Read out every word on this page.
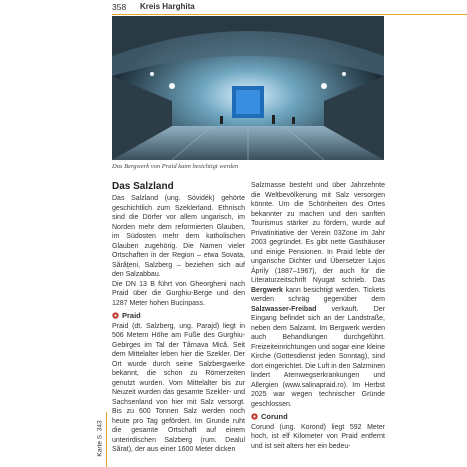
358 Kreis Harghita
Das Bergwerk von Praid kann besichtigt werden
Das Salzland

Das Salzland (ung. Sóvidék) gehörte geschichtlich zum Szeklerland. Ethnisch sind die Dörfer vor allem ungarisch, im Norden mehr dem reformierten Glauben, im Südosten mehr dem katholischen Glauben zugehörig. Die Namen vieler Ortschaften in der Region – etwa Sovata, Sărăţeni, Salzberg – beziehen sich auf den Salzabbau.

Die DN 13 B führt von Gheorgheni nach Praid über die Gurghiu-Berge und den 1287 Meter hohen Bucinpass.

Praid

Praid (dt. Salzberg, ung. Parajd) liegt in 506 Metern Höhe am Fuße des Gurghiu-Gebirges im Tal der Târnava Mică. Seit dem Mittelalter leben hier die Szekler. Der Ort wurde durch seine Salzbergwerke bekannt, die schon zu Römerzeiten genutzt wurden. Vom Mittelalter bis zur Neuzeit wurden das gesamte Szekler- und Sachsenland von hier mit Salz versorgt. Bis zu 600 Tonnen Salz werden noch heute pro Tag gefördert. Im Grunde ruht die gesamte Ortschaft auf einem unterirdischen Salzberg (rum. Dealul Sărat), der aus einer 1600 Meter dicken

Salzmasse besteht und über Jahrzehnte die Weltbevölkerung mit Salz versorgen könnte. Um die Schönheiten des Ortes bekannter zu machen und den sanften Tourismus stärker zu fördern, wurde auf Privatinitiative der Verein 03Zone im Jahr 2003 gegründet. Es gibt nette Gasthäuser und einige Pensionen. In Praid lebte der ungarische Dichter und Übersetzer Lajos Áprily (1887–1967), der auch für die Literaturzeitschrift Nyugat schrieb. Das Bergwerk kann besichtigt werden. Tickets werden schräg gegenüber dem Salzwasser-Freibad verkauft. Der Eingang befindet sich an der Landstraße, neben dem Salzamt. Im Bergwerk werden auch Behandlungen durchgeführt. Freizeiteinrichtungen und sogar eine kleine Kirche (Gottesdienst jeden Sonntag), sind dort eingerichtet. Die Luft in den Salzminen lindert Atemwegserkrankungen und Allergien (www.salinapraid.ro). Im Herbst 2025 war wegen technischer Gründe geschlossen.

Corund

Corund (ung. Korond) liegt 592 Meter hoch, ist elf Kilometer von Praid entfernt und ist seit alters her ein bedeu-

Karte S. 343
